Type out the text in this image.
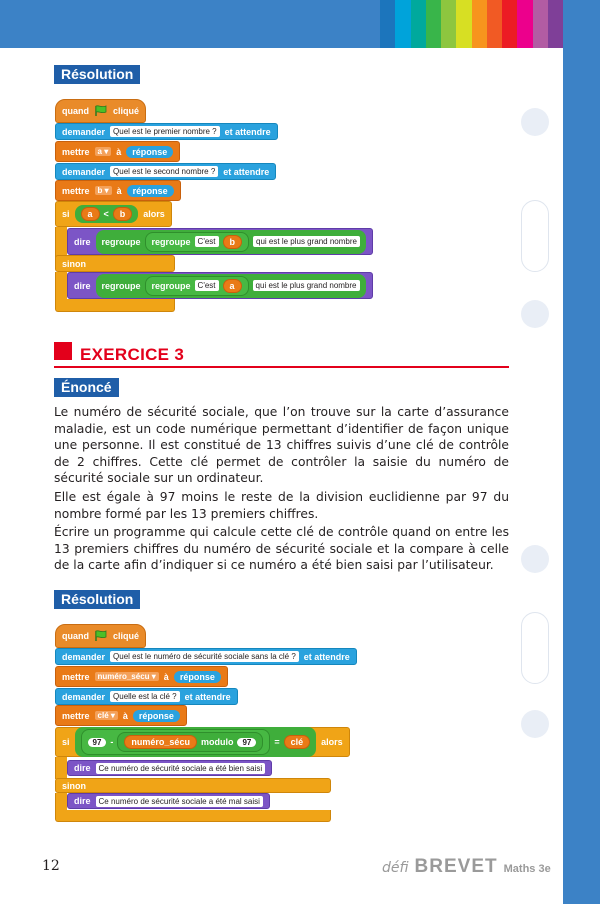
Résolution
quand	cliqué
demander	Quel est le premier nombre ? et attendre
mettre	a ▾ à	réponse
demander	Quel est le second nombre ? et attendre
mettre	b ▾ à	réponse
si	a	<	b	alors
dire regroupe regroupe C'est	b	qui est le plus grand nombre
sinon
dire regroupe regroupe C'est	a	qui est le plus grand nombre
EXERCICE 3
Énoncé

Le numéro de sécurité sociale, que l’on trouve sur la carte d’assurance maladie, est un code numérique permettant d’identifier de façon unique une personne. Il est constitué de 13 chiffres suivis d’une clé de contrôle de 2 chiffres. Cette clé permet de contrôler la saisie du numéro de sécurité sociale sur un ordinateur.

Elle est égale à 97 moins le reste de la division euclidienne par 97 du nombre formé par les 13 premiers chiffres.

Écrire un programme qui calcule cette clé de contrôle quand on entre les 13 premiers chiffres du numéro de sécurité sociale et la compare à celle de la carte afin d’indiquer si ce numéro a été bien saisi par l’utilisateur.

Résolution
quand	cliqué
demander	Quel est le numéro de sécurité sociale sans la clé ? et attendre
mettre	numéro_sécu ▾ à	réponse
demander	Quelle est la clé ? et attendre
mettre	clé ▾ à	réponse
si	97	-	numéro_sécu	modulo	97	=	clé	alors
dire	Ce numéro de sécurité sociale a été bien saisi
sinon
dire	Ce numéro de sécurité sociale a été mal saisi
12	défi BREVET Maths 3e
